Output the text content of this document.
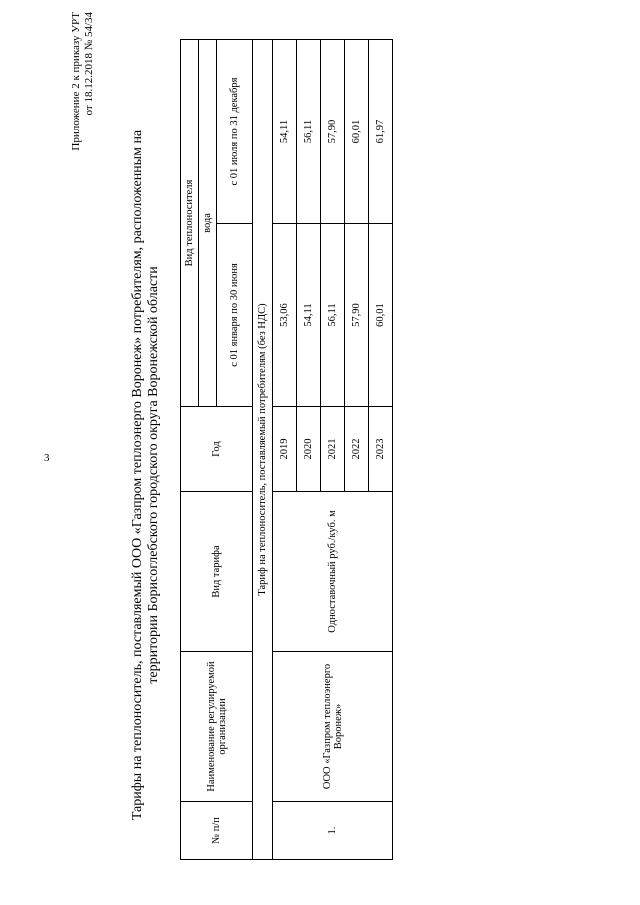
3
Приложение 2 к приказу УРТ от 18.12.2018 № 54/34
Тарифы на теплоноситель, поставляемый ООО «Газпром теплоэнерго Воронеж» потребителям, расположенным на территории Борисоглебского городского округа Воронежской области
№ п/п	Наименование регулируемой организации	Вид тарифа	Год	Вид теплоносителя	
				вода	
				с 01 января по 30 июня	с 01 июля по 31 декабря
Тариф на теплоноситель, поставляемый потребителям (без НДС)					
1.	ООО «Газпром теплоэнерго Воронеж»	Одноставочный руб./куб. м	2019	53,06	54,11
			2020	54,11	56,11
			2021	56,11	57,90
			2022	57,90	60,01
			2023	60,01	61,97
